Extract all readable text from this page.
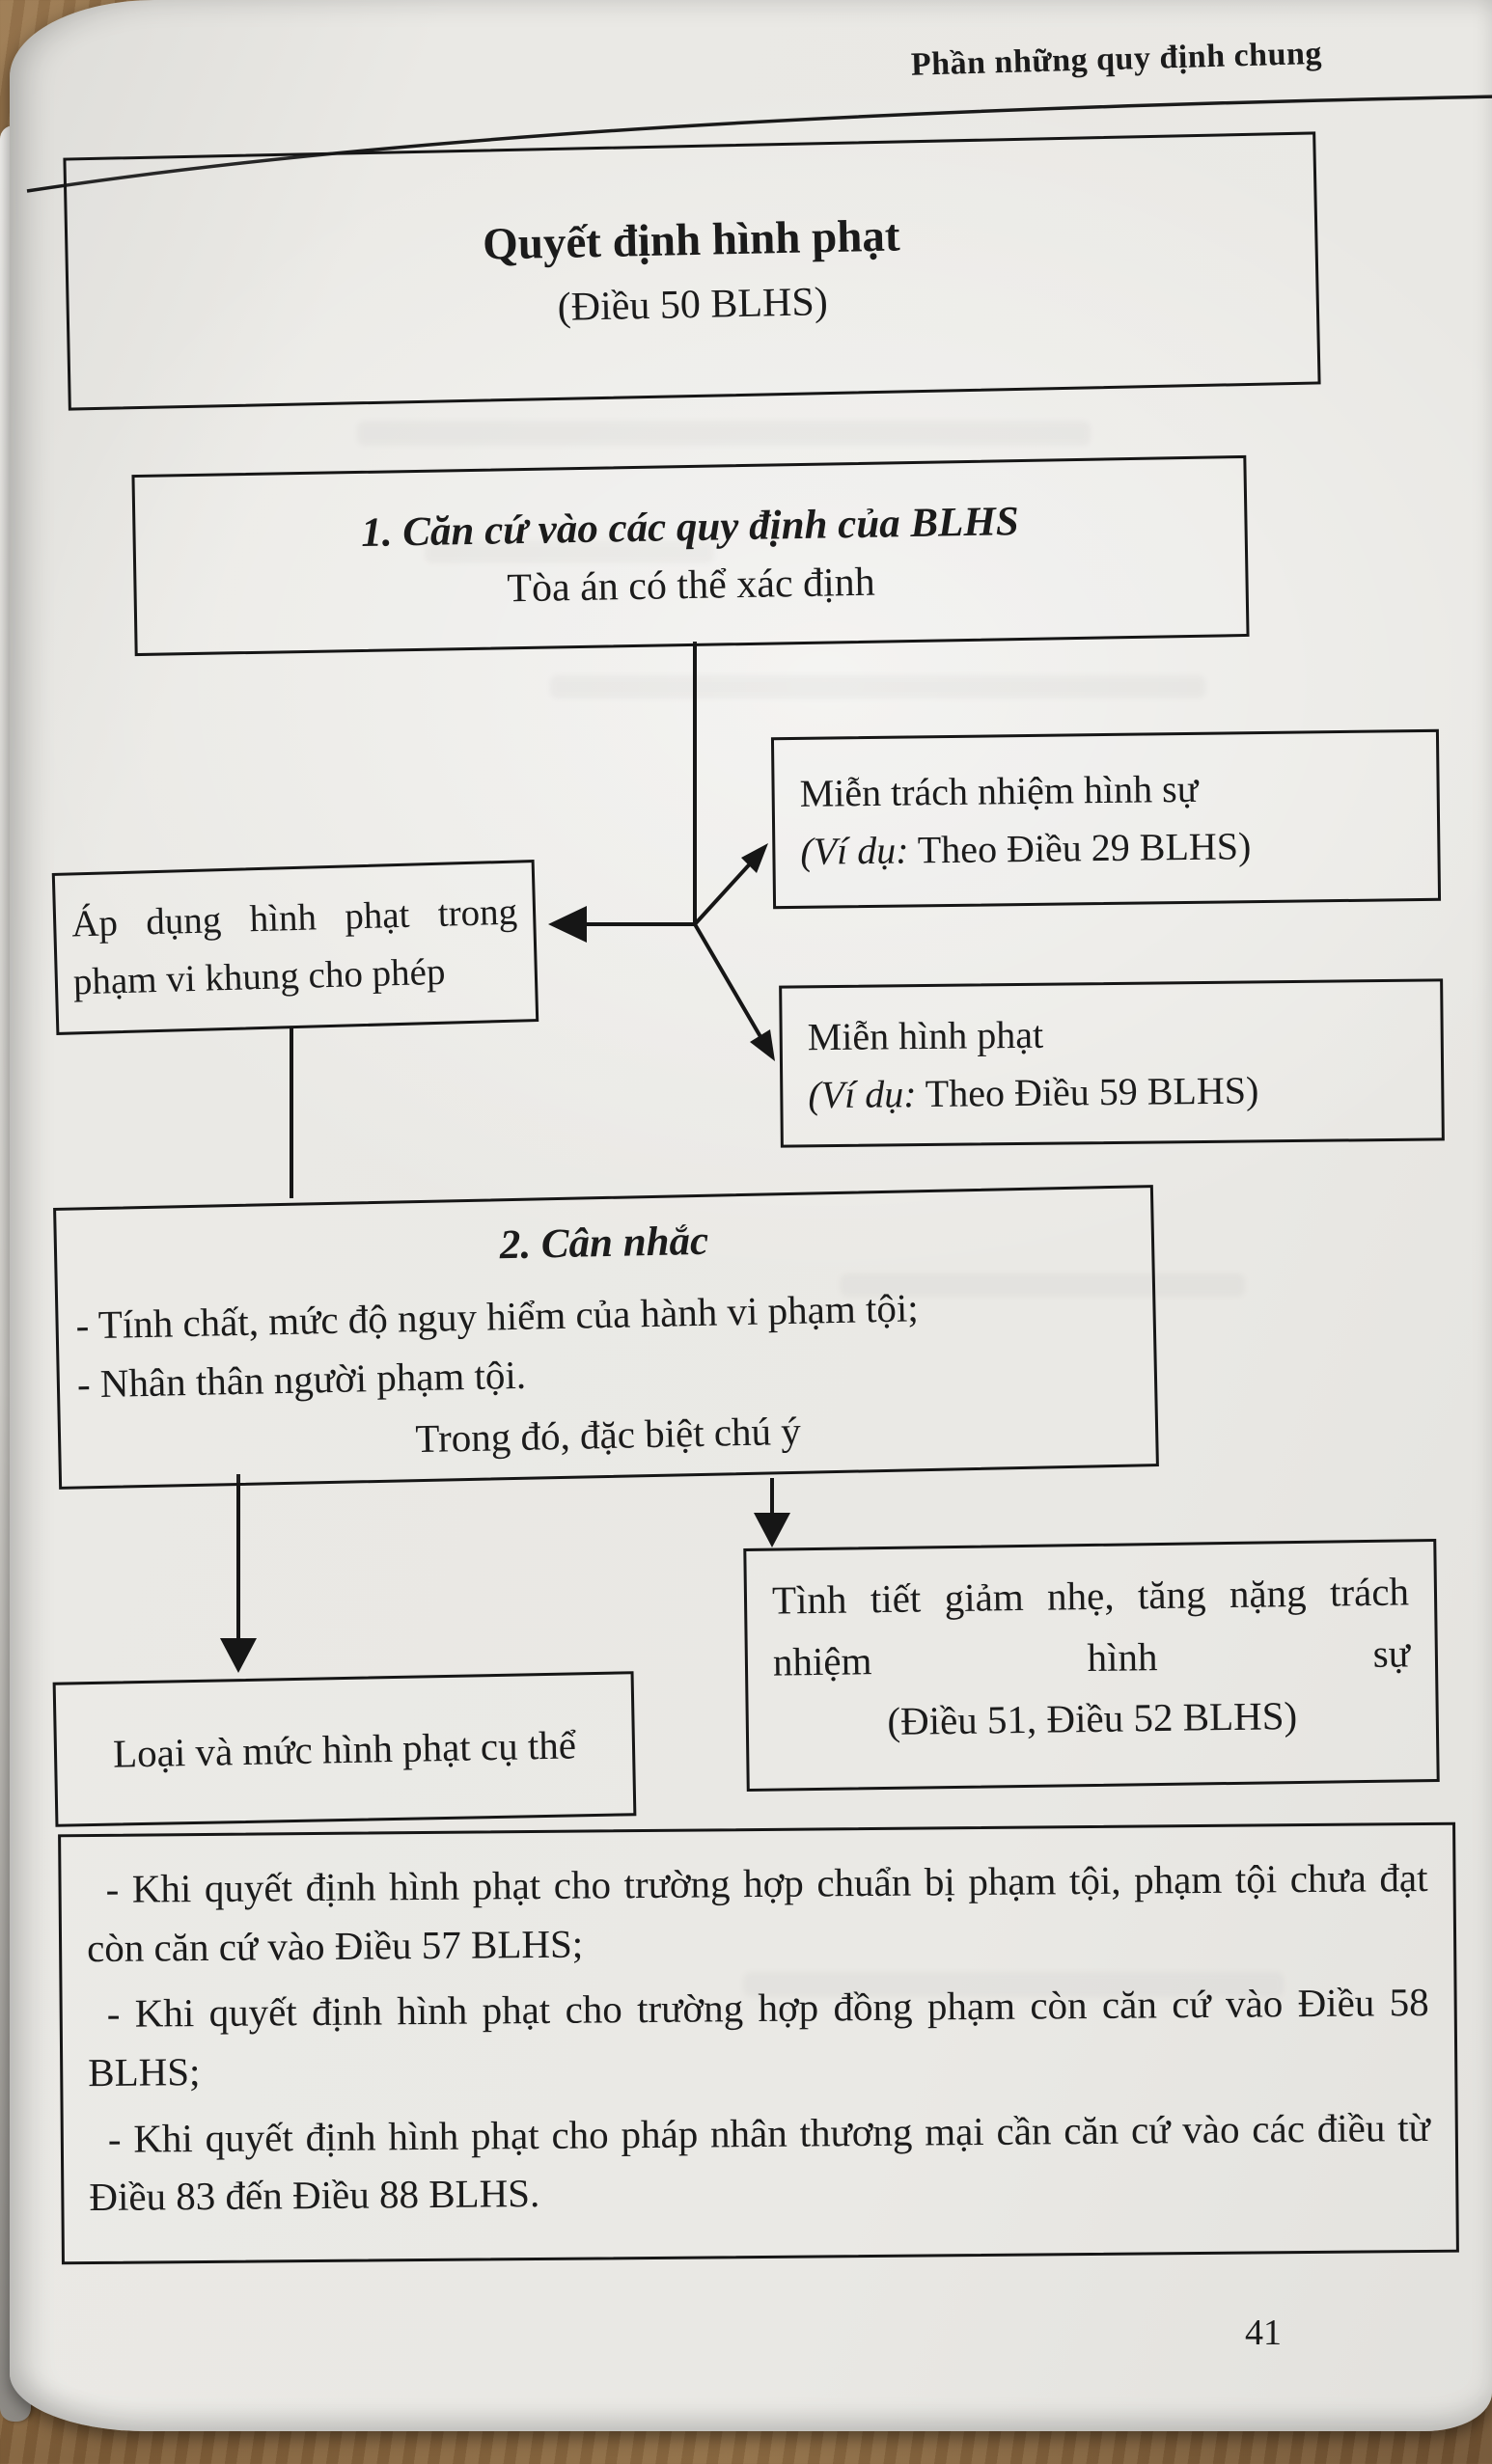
Phần những quy định chung
Quyết định hình phạt
(Điều 50 BLHS)
1. Căn cứ vào các quy định của BLHS
Tòa án có thể xác định
Miễn trách nhiệm hình sự
(Ví dụ: Theo Điều 29 BLHS)
Áp dụng hình phạt trong phạm vi khung cho phép
Miễn hình phạt
(Ví dụ: Theo Điều 59 BLHS)
2. Cân nhắc
- Tính chất, mức độ nguy hiểm của hành vi phạm tội;
- Nhân thân người phạm tội.
Trong đó, đặc biệt chú ý
Loại và mức hình phạt cụ thể
Tình tiết giảm nhẹ, tăng nặng trách nhiệm hình sự
(Điều 51, Điều 52 BLHS)

- Khi quyết định hình phạt cho trường hợp chuẩn bị phạm tội, phạm tội chưa đạt còn căn cứ vào Điều 57 BLHS;

- Khi quyết định hình phạt cho trường hợp đồng phạm còn căn cứ vào Điều 58 BLHS;

- Khi quyết định hình phạt cho pháp nhân thương mại cần căn cứ vào các điều từ Điều 83 đến Điều 88 BLHS.

41
